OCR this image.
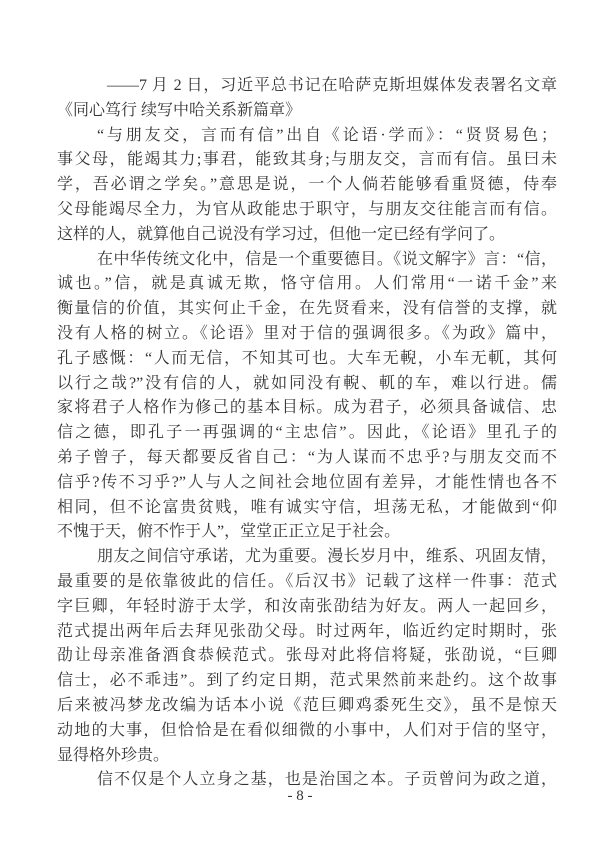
——7 月 2 日，习近平总书记在哈萨克斯坦媒体发表署名文章
《同心笃行 续写中哈关系新篇章》
“与朋友交，言而有信”出自《论语·学而》：“贤贤易色；
事父母，能竭其力;事君，能致其身;与朋友交，言而有信。虽曰未
学，吾必谓之学矣。”意思是说，一个人倘若能够看重贤德，侍奉
父母能竭尽全力，为官从政能忠于职守，与朋友交往能言而有信。
这样的人，就算他自己说没有学习过，但他一定已经有学问了。
在中华传统文化中，信是一个重要德目。《说文解字》言：“信，
诚也。”信，就是真诚无欺，恪守信用。人们常用“一诺千金”来
衡量信的价值，其实何止千金，在先贤看来，没有信誉的支撑，就
没有人格的树立。《论语》里对于信的强调很多。《为政》篇中，
孔子感慨：“人而无信，不知其可也。大车无輗，小车无軏，其何
以行之哉?”没有信的人，就如同没有輗、軏的车，难以行进。儒
家将君子人格作为修己的基本目标。成为君子，必须具备诚信、忠
信之德，即孔子一再强调的“主忠信”。因此，《论语》里孔子的
弟子曾子，每天都要反省自己：“为人谋而不忠乎?与朋友交而不
信乎?传不习乎?”人与人之间社会地位固有差异，才能性情也各不
相同，但不论富贵贫贱，唯有诚实守信，坦荡无私，才能做到“仰
不愧于天，俯不怍于人”，堂堂正正立足于社会。
朋友之间信守承诺，尤为重要。漫长岁月中，维系、巩固友情，
最重要的是依靠彼此的信任。《后汉书》记载了这样一件事：范式
字巨卿，年轻时游于太学，和汝南张劭结为好友。两人一起回乡，
范式提出两年后去拜见张劭父母。时过两年，临近约定时期时，张
劭让母亲准备酒食恭候范式。张母对此将信将疑，张劭说，“巨卿
信士，必不乖违”。到了约定日期，范式果然前来赴约。这个故事
后来被冯梦龙改编为话本小说《范巨卿鸡黍死生交》，虽不是惊天
动地的大事，但恰恰是在看似细微的小事中，人们对于信的坚守，
显得格外珍贵。
信不仅是个人立身之基，也是治国之本。子贡曾问为政之道，
- 8 -
